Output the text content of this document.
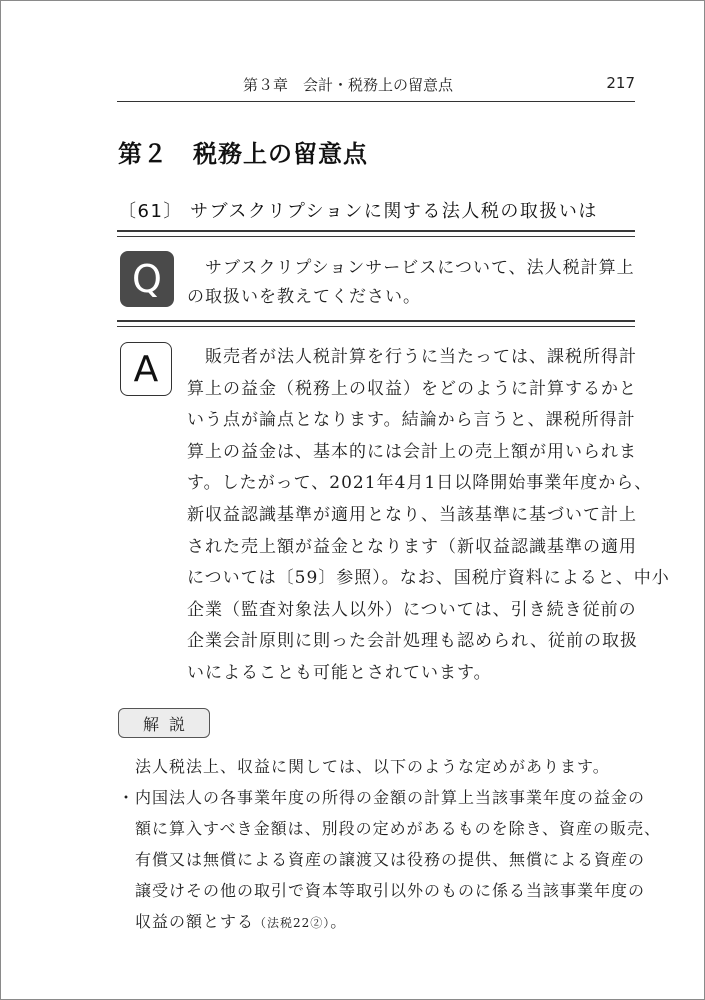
第３章　会計・税務上の留意点	217
第２　税務上の留意点
〔61〕 サブスクリプションに関する法人税の取扱いは
Q	　サブスクリプションサービスについて、法人税計算上
の取扱いを教えてください。
A	　販売者が法人税計算を行うに当たっては、課税所得計
算上の益金（税務上の収益）をどのように計算するかと
いう点が論点となります。結論から言うと、課税所得計
算上の益金は、基本的には会計上の売上額が用いられま
す。したがって、2021年4月1日以降開始事業年度から、
新収益認識基準が適用となり、当該基準に基づいて計上
された売上額が益金となります（新収益認識基準の適用
については〔59〕参照）。なお、国税庁資料によると、中小
企業（監査対象法人以外）については、引き続き従前の
企業会計原則に則った会計処理も認められ、従前の取扱
いによることも可能とされています。
解説
法人税法上、収益に関しては、以下のような定めがあります。
・内国法人の各事業年度の所得の金額の計算上当該事業年度の益金の
額に算入すべき金額は、別段の定めがあるものを除き、資産の販売、
有償又は無償による資産の譲渡又は役務の提供、無償による資産の
譲受けその他の取引で資本等取引以外のものに係る当該事業年度の
収益の額とする（法税22②）。
